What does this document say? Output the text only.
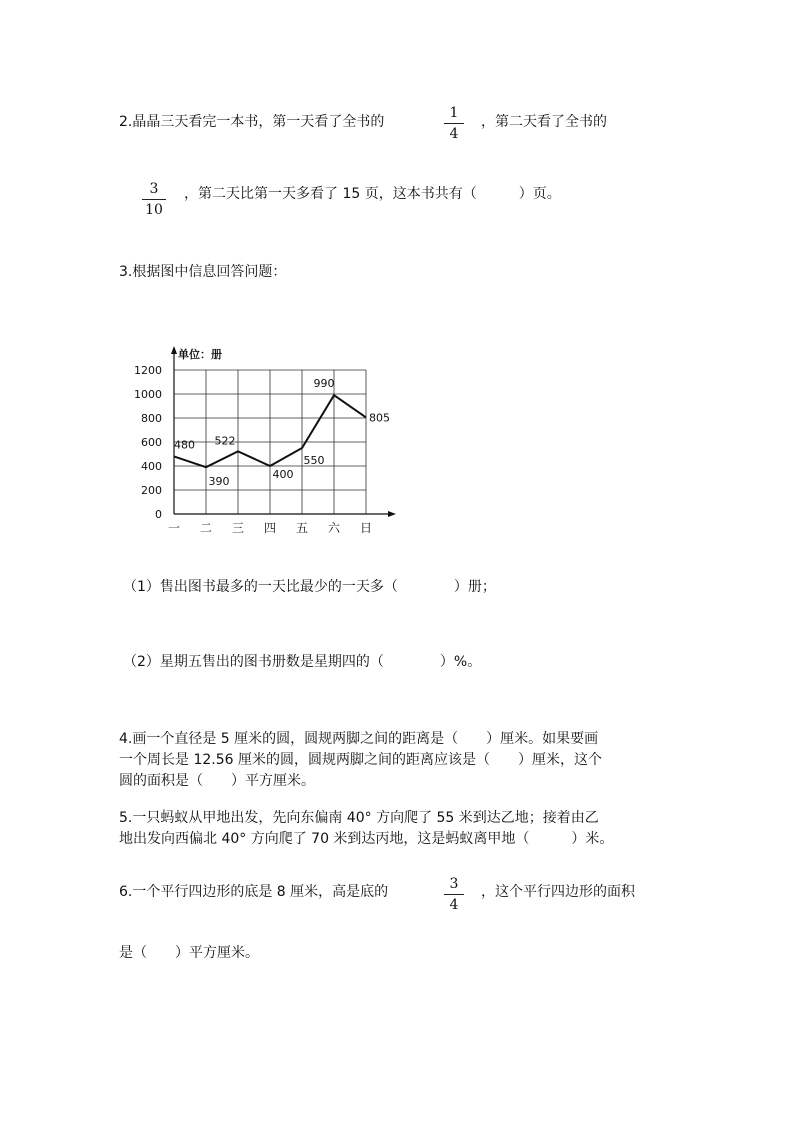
2.晶晶三天看完一本书，第一天看了全书的
1
4
，第二天看了全书的
3
10
，第二天比第一天多看了 15 页，这本书共有（　　　）页。
3.根据图中信息回答问题：
单位：册
0
200
400
600
800
1000
1200
一 二 三 四 五 六 日
480
390
522
400
550
990
805
（1）售出图书最多的一天比最少的一天多（　　　　）册；
（2）星期五售出的图书册数是星期四的（　　　　）%。
4.画一个直径是 5 厘米的圆，圆规两脚之间的距离是（　　）厘米。如果要画
一个周长是 12.56 厘米的圆，圆规两脚之间的距离应该是（　　）厘米，这个
圆的面积是（　　）平方厘米。
5.一只蚂蚁从甲地出发，先向东偏南 40° 方向爬了 55 米到达乙地；接着由乙
地出发向西偏北 40° 方向爬了 70 米到达丙地，这是蚂蚁离甲地（　　　）米。
6.一个平行四边形的底是 8 厘米，高是底的	3
4
，这个平行四边形的面积
是（　　）平方厘米。
